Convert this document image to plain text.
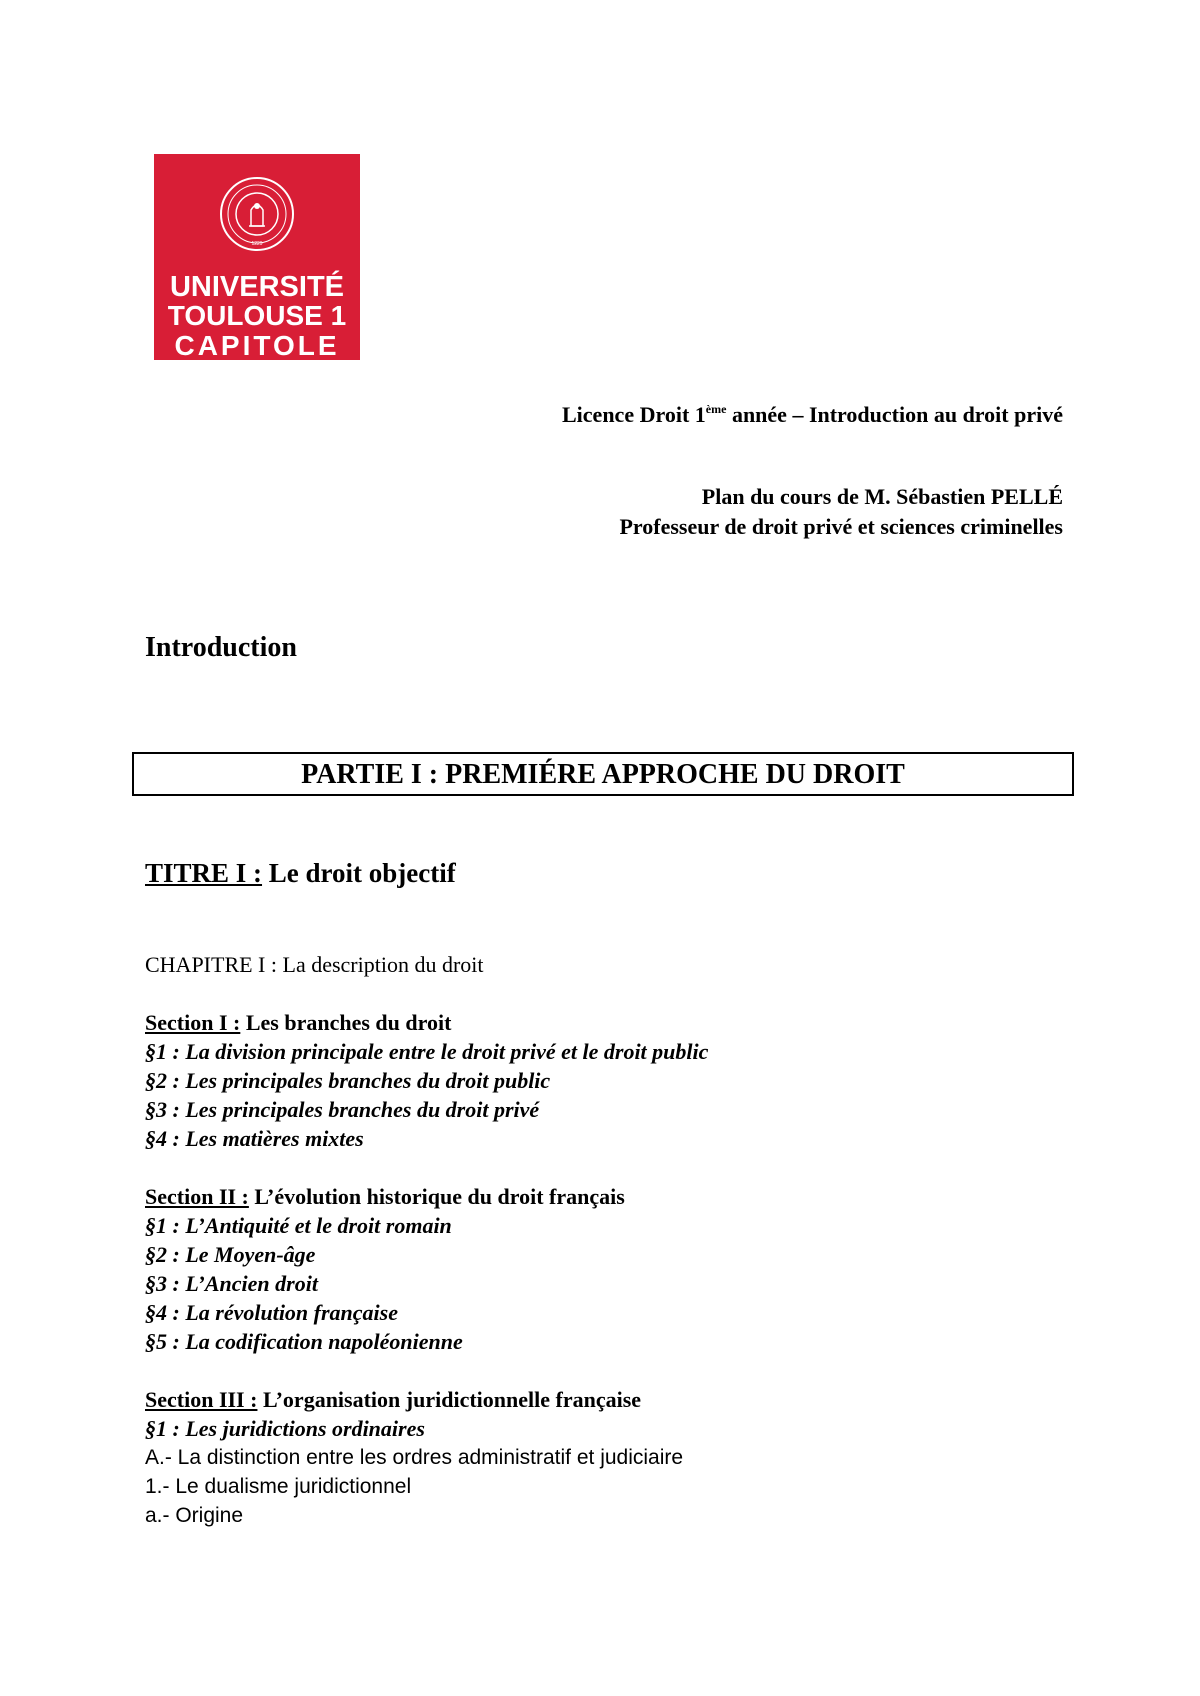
1229
UNIVERSITÉ
TOULOUSE 1
CAPITOLE
Licence Droit 1ème année – Introduction au droit privé
Plan du cours de M. Sébastien PELLÉ
Professeur de droit privé et sciences criminelles
Introduction
PARTIE I : PREMIÉRE APPROCHE DU DROIT
TITRE I : Le droit objectif
CHAPITRE I : La description du droit
Section I : Les branches du droit
§1 : La division principale entre le droit privé et le droit public
§2 : Les principales branches du droit public
§3 : Les principales branches du droit privé
§4 : Les matières mixtes
Section II : L’évolution historique du droit français
§1 : L’Antiquité et le droit romain
§2 : Le Moyen-âge
§3 : L’Ancien droit
§4 : La révolution française
§5 : La codification napoléonienne
Section III : L’organisation juridictionnelle française
§1 : Les juridictions ordinaires
A.- La distinction entre les ordres administratif et judiciaire
1.- Le dualisme juridictionnel
a.- Origine
